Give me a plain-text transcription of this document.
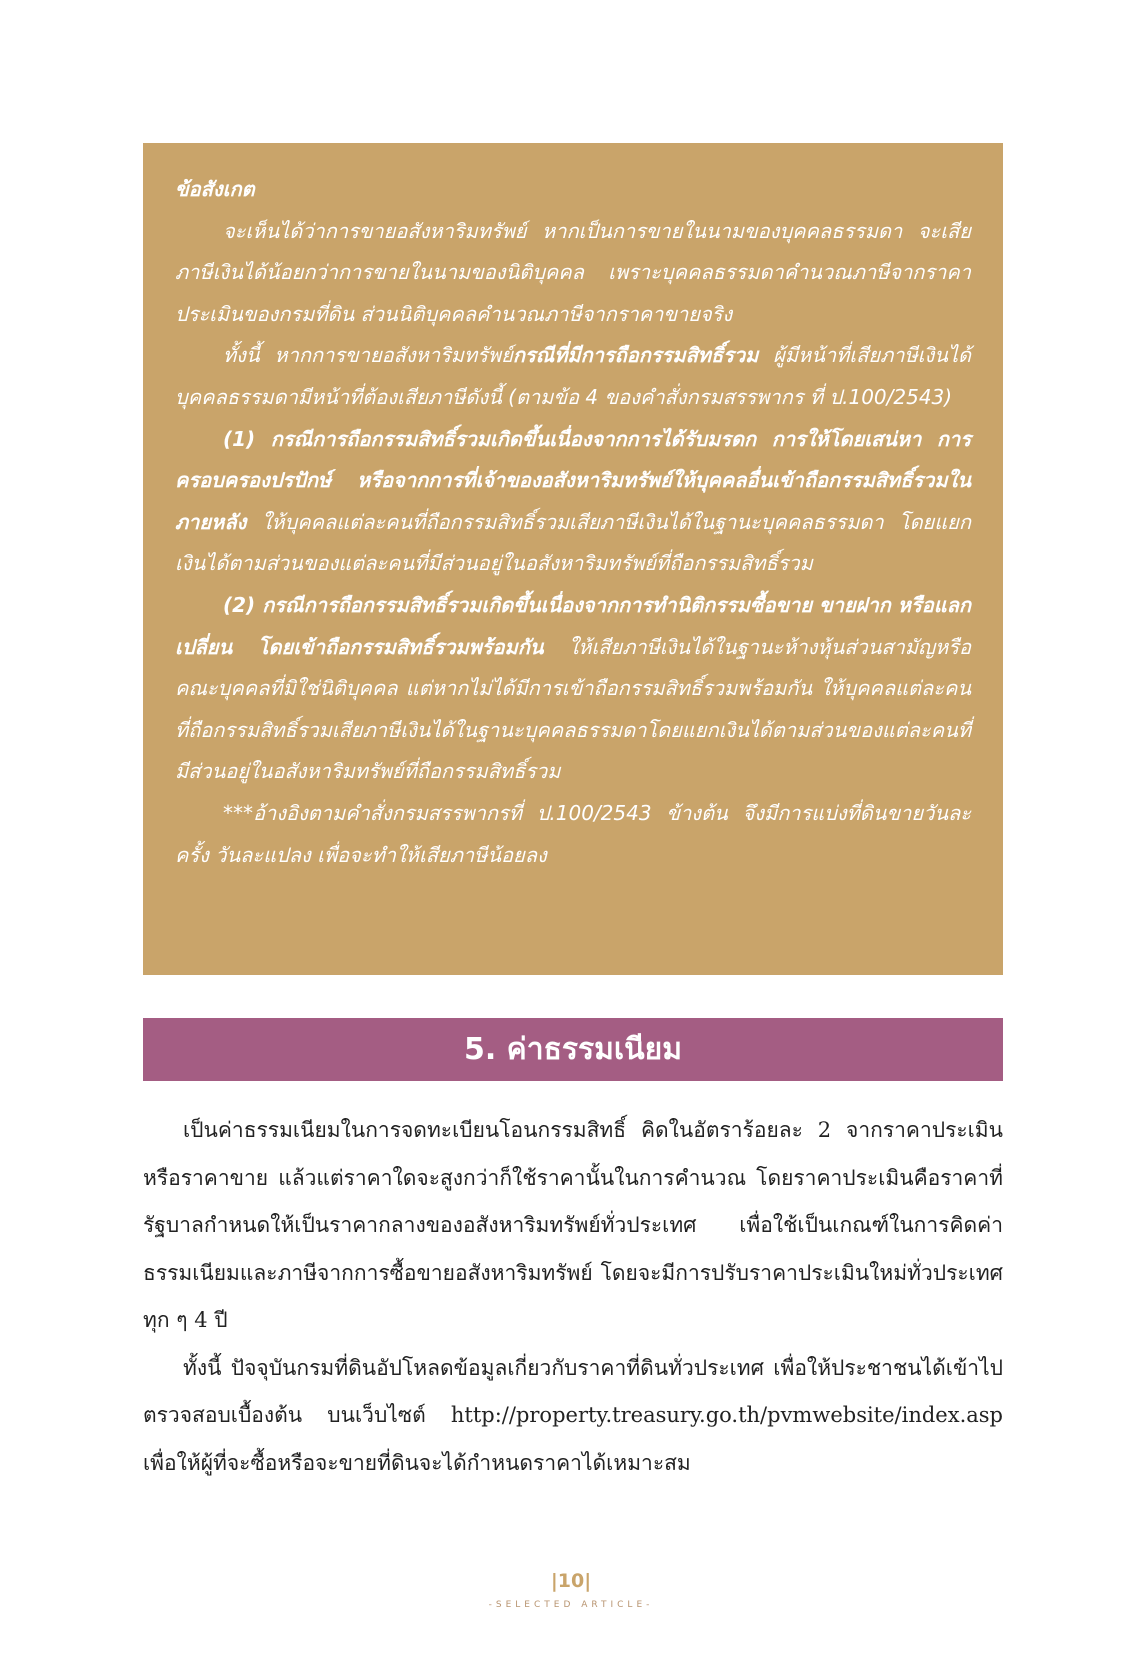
ข้อสังเกต

จะเห็นได้ว่าการขายอสังหาริมทรัพย์ หากเป็นการขายในนามของบุคคลธรรมดา จะเสียภาษีเงินได้น้อยกว่าการขายในนามของนิติบุคคล เพราะบุคคลธรรมดาคำนวณภาษีจากราคาประเมินของกรมที่ดิน ส่วนนิติบุคคลคำนวณภาษีจากราคาขายจริง

ทั้งนี้ หากการขายอสังหาริมทรัพย์กรณีที่มีการถือกรรมสิทธิ์รวม ผู้มีหน้าที่เสียภาษีเงินได้บุคคลธรรมดามีหน้าที่ต้องเสียภาษีดังนี้ (ตามข้อ 4 ของคำสั่งกรมสรรพากร ที่ ป.100/2543)

(1) กรณีการถือกรรมสิทธิ์รวมเกิดขึ้นเนื่องจากการได้รับมรดก การให้โดยเสน่หา การครอบครองปรปักษ์ หรือจากการที่เจ้าของอสังหาริมทรัพย์ให้บุคคลอื่นเข้าถือกรรมสิทธิ์รวมในภายหลัง ให้บุคคลแต่ละคนที่ถือกรรมสิทธิ์รวมเสียภาษีเงินได้ในฐานะบุคคลธรรมดา โดยแยกเงินได้ตามส่วนของแต่ละคนที่มีส่วนอยู่ในอสังหาริมทรัพย์ที่ถือกรรมสิทธิ์รวม

(2) กรณีการถือกรรมสิทธิ์รวมเกิดขึ้นเนื่องจากการทำนิติกรรมซื้อขาย ขายฝาก หรือแลกเปลี่ยน โดยเข้าถือกรรมสิทธิ์รวมพร้อมกัน ให้เสียภาษีเงินได้ในฐานะห้างหุ้นส่วนสามัญหรือคณะบุคคลที่มิใช่นิติบุคคล แต่หากไม่ได้มีการเข้าถือกรรมสิทธิ์รวมพร้อมกัน ให้บุคคลแต่ละคนที่ถือกรรมสิทธิ์รวมเสียภาษีเงินได้ในฐานะบุคคลธรรมดาโดยแยกเงินได้ตามส่วนของแต่ละคนที่มีส่วนอยู่ในอสังหาริมทรัพย์ที่ถือกรรมสิทธิ์รวม

***อ้างอิงตามคำสั่งกรมสรรพากรที่ ป.100/2543 ข้างต้น จึงมีการแบ่งที่ดินขายวันละครั้ง วันละแปลง เพื่อจะทำให้เสียภาษีน้อยลง

5. ค่าธรรมเนียม

เป็นค่าธรรมเนียมในการจดทะเบียนโอนกรรมสิทธิ์ คิดในอัตราร้อยละ 2 จากราคาประเมินหรือราคาขาย แล้วแต่ราคาใดจะสูงกว่าก็ใช้ราคานั้นในการคำนวณ โดยราคาประเมินคือราคาที่รัฐบาลกำหนดให้เป็นราคากลางของอสังหาริมทรัพย์ทั่วประเทศ เพื่อใช้เป็นเกณฑ์ในการคิดค่าธรรมเนียมและภาษีจากการซื้อขายอสังหาริมทรัพย์ โดยจะมีการปรับราคาประเมินใหม่ทั่วประเทศทุก ๆ 4 ปี

ทั้งนี้ ปัจจุบันกรมที่ดินอัปโหลดข้อมูลเกี่ยวกับราคาที่ดินทั่วประเทศ เพื่อให้ประชาชนได้เข้าไปตรวจสอบเบื้องต้น บนเว็บไซต์ http://property.treasury.go.th/pvmwebsite/index.asp เพื่อให้ผู้ที่จะซื้อหรือจะขายที่ดินจะได้กำหนดราคาได้เหมาะสม

|10|
-SELECTED ARTICLE-
